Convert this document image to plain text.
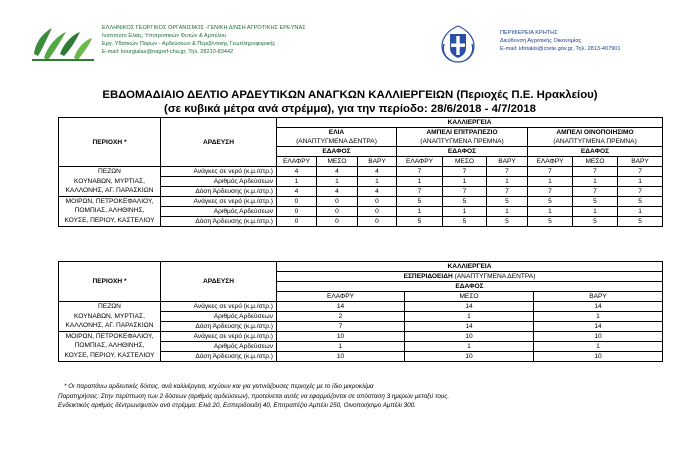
ΕΛΛΗΝΙΚΟΣ ΓΕΩΡΓΙΚΟΣ ΟΡΓΑΝΙΣΜΟΣ -ΓΕΝΙΚΗ Δ/ΝΣΗ ΑΓΡΟΤΙΚΗΣ ΕΡΕΥΝΑΣ
Ινστιτούτο Ελιάς, Υποτροπικών Φυτών & Αμπέλου
Εργ. Υδατικών Πόρων - Αρδεύσεων & Περιβ/ντικής Γεωπληροφορικής
E-mail: kourgialas@nagref-cha.gr, Τηλ. 28210-83442
ΠΕΡΙΦΕΡΕΙΑ ΚΡΗΤΗΣ
Διεύθυνση Αγροτικής Οικονομίας
E-mail: kfotakis@crete.gov.gr, Τηλ. 2813-407901
ΕΒΔΟΜΑΔΙΑΙΟ ΔΕΛΤΙΟ ΑΡΔΕΥΤΙΚΩΝ ΑΝΑΓΚΩΝ ΚΑΛΛΙΕΡΓΕΙΩΝ (Περιοχές Π.Ε. Ηρακλείου)
(σε κυβικά μέτρα ανά στρέμμα), για την περίοδο: 28/6/2018 - 4/7/2018
ΠΕΡΙΟΧΗ *	ΑΡΔΕΥΣΗ	ΚΑΛΛΙΕΡΓΕΙΑ								
		ΕΛΙΑ
(ΑΝΑΠΤΥΓΜΕΝΑ ΔΕΝΤΡΑ)			ΑΜΠΕΛΙ ΕΠΙΤΡΑΠΕΖΙΟ
(ΑΝΑΠΤΥΓΜΕΝΑ ΠΡΕΜΝΑ)			ΑΜΠΕΛΙ ΟΙΝΟΠΟΙΗΣΙΜΟ
(ΑΝΑΠΤΥΓΜΕΝΑ ΠΡΕΜΝΑ)		
		ΕΔΑΦΟΣ			ΕΔΑΦΟΣ			ΕΔΑΦΟΣ		
		ΕΛΑΦΡΥ	ΜΕΣΟ	ΒΑΡΥ	ΕΛΑΦΡΥ	ΜΕΣΟ	ΒΑΡΥ	ΕΛΑΦΡΥ	ΜΕΣΟ	ΒΑΡΥ

ΠΕΖΩΝ
ΚΟΥΝΑΒΩΝ, ΜΥΡΤΙΑΣ,
ΚΑΛΛΟΝΗΣ, ΑΓ. ΠΑΡΑΣΚΙΩΝ	Ανάγκες σε νερό (κ.μ./στρ.)	4	4	4	7	7	7	7	7	7
	Αριθμός Αρδεύσεων	1	1	1	1	1	1	1	1	1
	Δόση Άρδευσης (κ.μ./στρ.)	4	4	4	7	7	7	7	7	7

ΜΟΙΡΩΝ, ΠΕΤΡΟΚΕΦΑΛΙΟΥ,
ΠΟΜΠΙΑΣ, ΑΛΗΘΙΝΗΣ,
ΚΟΥΣΕ, ΠΕΡΙΟΥ, ΚΑΣΤΕΛΙΟΥ	Ανάγκες σε νερό (κ.μ./στρ.)	0	0	0	5	5	5	5	5	5
	Αριθμός Αρδεύσεων	0	0	0	1	1	1	1	1	1
	Δόση Άρδευσης (κ.μ./στρ.)	0	0	0	5	5	5	5	5	5
ΠΕΡΙΟΧΗ *	ΑΡΔΕΥΣΗ	ΚΑΛΛΙΕΡΓΕΙΑ		
		ΕΣΠΕΡΙΔΟΕΙΔΗ (ΑΝΑΠΤΥΓΜΕΝΑ ΔΕΝΤΡΑ)		
		ΕΔΑΦΟΣ		
		ΕΛΑΦΡΥ	ΜΕΣΟ	ΒΑΡΥ

ΠΕΖΩΝ
ΚΟΥΝΑΒΩΝ, ΜΥΡΤΙΑΣ,
ΚΑΛΛΟΝΗΣ, ΑΓ. ΠΑΡΑΣΚΙΩΝ	Ανάγκες σε νερό (κ.μ./στρ.)	14	14	14
	Αριθμός Αρδεύσεων	2	1	1
	Δόση Άρδευσης (κ.μ./στρ.)	7	14	14

ΜΟΙΡΩΝ, ΠΕΤΡΟΚΕΦΑΛΙΟΥ,
ΠΟΜΠΙΑΣ, ΑΛΗΘΙΝΗΣ,
ΚΟΥΣΕ, ΠΕΡΙΟΥ, ΚΑΣΤΕΛΙΟΥ	Ανάγκες σε νερό (κ.μ./στρ.)	10	10	10
	Αριθμός Αρδεύσεων	1	1	1
	Δόση Άρδευσης (κ.μ./στρ.)	10	10	10
* Οι παραπάνω αρδευτικές δόσεις, ανά καλλιέργεια, ισχύουν και για γειτνιάζουσες περιοχές με το ίδιο μικροκλίμα
Παρατηρήσεις: Στην περίπτωση των 2 δόσεων (αριθμός αρδεύσεων), προτείνεται αυτές να εφαρμόζονται σε απόσταση 3 ημερών μεταξύ τους.
Ενδεικτικός αριθμός δέντρων/φυτών ανά στρέμμα: Ελιά 20, Εσπεριδοειδή 40, Επιτραπέζιο Αμπέλι 250, Οινοποιήσιμο Αμπέλι 300.
